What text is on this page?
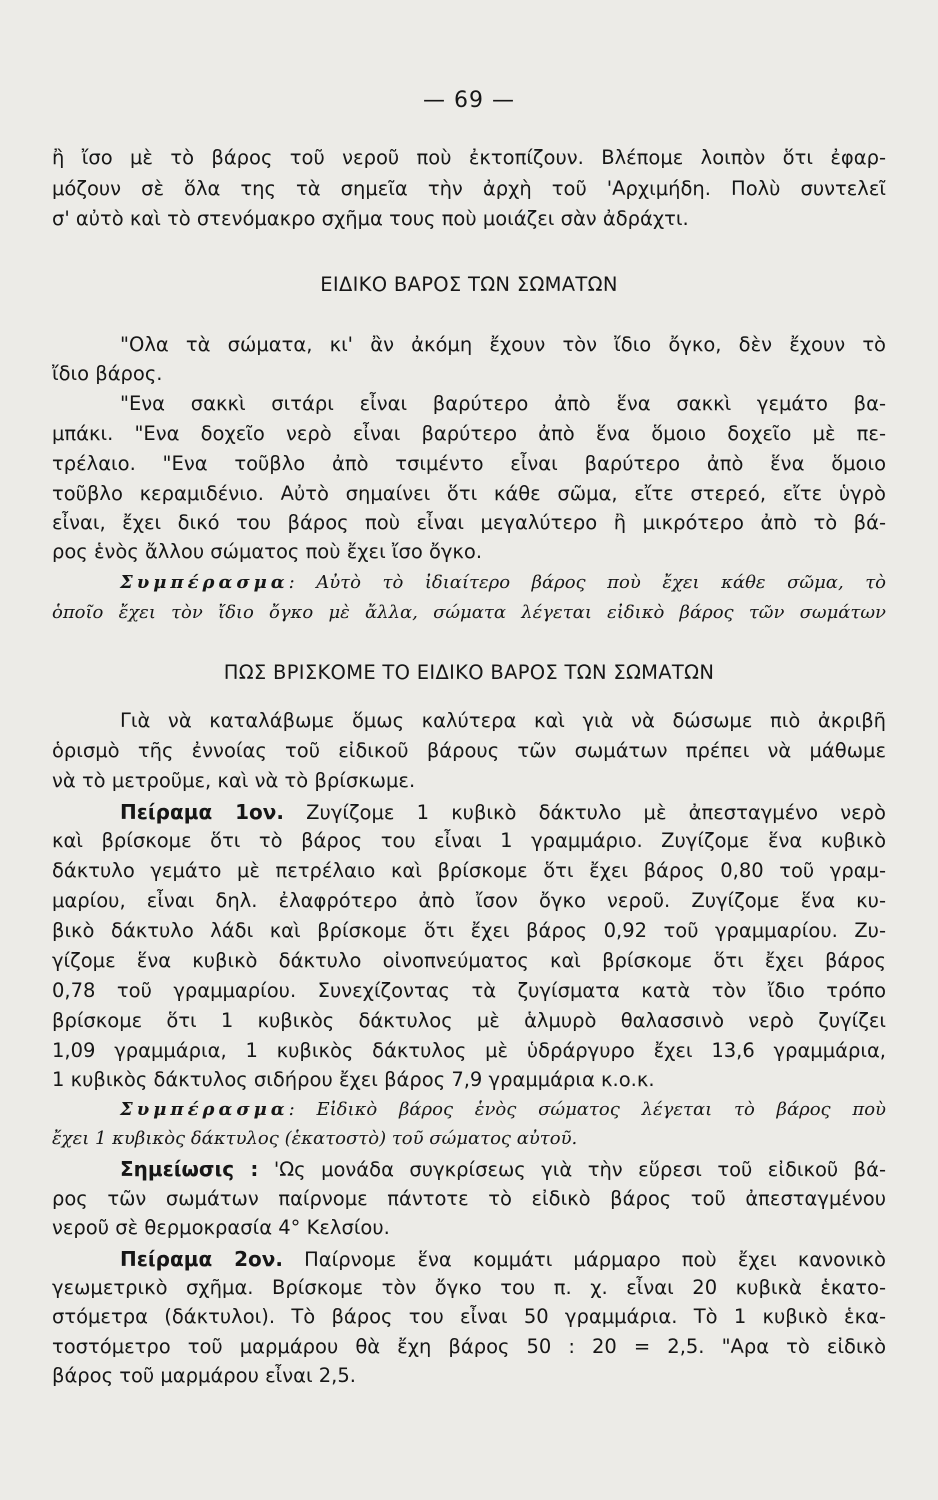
— 69 —
ἢ ἴσο μὲ τὸ βάρος τοῦ νεροῦ ποὺ ἐκτοπίζουν. Βλέπομε λοιπὸν ὅτι ἐφαρ-
μόζουν σὲ ὅλα της τὰ σημεῖα τὴν ἀρχὴ τοῦ 'Αρχιμήδη. Πολὺ συντελεῖ
σ' αὐτὸ καὶ τὸ στενόμακρο σχῆμα τους ποὺ μοιάζει σὰν ἀδράχτι.
ΕΙΔΙΚΟ ΒΑΡΟΣ ΤΩΝ ΣΩΜΑΤΩΝ
"Ολα τὰ σώματα, κι' ἂν ἀκόμη ἔχουν τὸν ἴδιο ὄγκο, δὲν ἔχουν τὸ
ἴδιο βάρος.
"Ενα σακκὶ σιτάρι εἶναι βαρύτερο ἀπὸ ἕνα σακκὶ γεμάτο βα-
μπάκι. "Ενα δοχεῖο νερὸ εἶναι βαρύτερο ἀπὸ ἕνα ὅμοιο δοχεῖο μὲ πε-
τρέλαιο. "Ενα τοῦβλο ἀπὸ τσιμέντο εἶναι βαρύτερο ἀπὸ ἕνα ὅμοιο
τοῦβλο κεραμιδένιο. Αὐτὸ σημαίνει ὅτι κάθε σῶμα, εἴτε στερεό, εἴτε ὑγρὸ
εἶναι, ἔχει δικό του βάρος ποὺ εἶναι μεγαλύτερο ἢ μικρότερο ἀπὸ τὸ βά-
ρος ἑνὸς ἄλλου σώματος ποὺ ἔχει ἴσο ὄγκο.
Συμπέρασμα: Αὐτὸ τὸ ἰδιαίτερο βάρος ποὺ ἔχει κάθε σῶμα, τὸ
ὁποῖο ἔχει τὸν ἴδιο ὄγκο μὲ ἄλλα, σώματα λέγεται εἰδικὸ βάρος τῶν σωμάτων
ΠΩΣ ΒΡΙΣΚΟΜΕ ΤΟ ΕΙΔΙΚΟ ΒΑΡΟΣ ΤΩΝ ΣΩΜΑΤΩΝ
Γιὰ νὰ καταλάβωμε ὅμως καλύτερα καὶ γιὰ νὰ δώσωμε πιὸ ἀκριβῆ
ὁρισμὸ τῆς ἐννοίας τοῦ εἰδικοῦ βάρους τῶν σωμάτων πρέπει νὰ μάθωμε
νὰ τὸ μετροῦμε, καὶ νὰ τὸ βρίσκωμε.
Πείραμα 1ον. Ζυγίζομε 1 κυβικὸ δάκτυλο μὲ ἀπεσταγμένο νερὸ
καὶ βρίσκομε ὅτι τὸ βάρος του εἶναι 1 γραμμάριο. Ζυγίζομε ἕνα κυβικὸ
δάκτυλο γεμάτο μὲ πετρέλαιο καὶ βρίσκομε ὅτι ἔχει βάρος 0,80 τοῦ γραμ-
μαρίου, εἶναι δηλ. ἐλαφρότερο ἀπὸ ἴσον ὄγκο νεροῦ. Ζυγίζομε ἕνα κυ-
βικὸ δάκτυλο λάδι καὶ βρίσκομε ὅτι ἔχει βάρος 0,92 τοῦ γραμμαρίου. Ζυ-
γίζομε ἕνα κυβικὸ δάκτυλο οἰνοπνεύματος καὶ βρίσκομε ὅτι ἔχει βάρος
0,78 τοῦ γραμμαρίου. Συνεχίζοντας τὰ ζυγίσματα κατὰ τὸν ἴδιο τρόπο
βρίσκομε ὅτι 1 κυβικὸς δάκτυλος μὲ ἁλμυρὸ θαλασσινὸ νερὸ ζυγίζει
1,09 γραμμάρια, 1 κυβικὸς δάκτυλος μὲ ὑδράργυρο ἔχει 13,6 γραμμάρια,
1 κυβικὸς δάκτυλος σιδήρου ἔχει βάρος 7,9 γραμμάρια κ.ο.κ.
Συμπέρασμα: Εἰδικὸ βάρος ἑνὸς σώματος λέγεται τὸ βάρος ποὺ
ἔχει 1 κυβικὸς δάκτυλος (ἑκατοστὸ) τοῦ σώματος αὐτοῦ.
Σημείωσις : 'Ως μονάδα συγκρίσεως γιὰ τὴν εὕρεσι τοῦ εἰδικοῦ βά-
ρος τῶν σωμάτων παίρνομε πάντοτε τὸ εἰδικὸ βάρος τοῦ ἀπεσταγμένου
νεροῦ σὲ θερμοκρασία 4° Κελσίου.
Πείραμα 2ον. Παίρνομε ἕνα κομμάτι μάρμαρο ποὺ ἔχει κανονικὸ
γεωμετρικὸ σχῆμα. Βρίσκομε τὸν ὄγκο του π. χ. εἶναι 20 κυβικὰ ἑκατο-
στόμετρα (δάκτυλοι). Τὸ βάρος του εἶναι 50 γραμμάρια. Τὸ 1 κυβικὸ ἑκα-
τοστόμετρο τοῦ μαρμάρου θὰ ἔχη βάρος 50 : 20 = 2,5. "Αρα τὸ εἰδικὸ
βάρος τοῦ μαρμάρου εἶναι 2,5.
